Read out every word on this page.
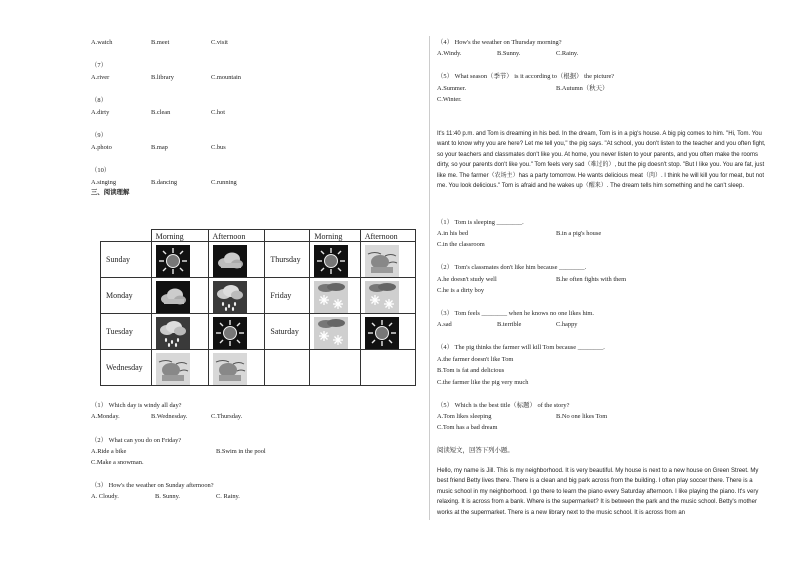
A.watch	B.meet	C.visit
（7）
A.river	B.library	C.mountain
（8）
A.dirty	B.clean	C.hot
（9）
A.photo	B.map	C.bus
（10）
A.singing	B.dancing	C.running
三、阅读理解
	Morning	Afternoon		Morning	Afternoon
Sunday			Thursday	

Monday			Friday	

Tuesday			Saturday	

Wednesday	

（1） Which day is windy all day?
A.Monday.	B.Wednesday.	C.Thursday.
（2） What can you do on Friday?
A.Ride a bike	B.Swim in the pool
C.Make a snowman.
（3） How's the weather on Sunday afternoon?
A. Cloudy.	B. Sunny.	C. Rainy.
（4） How's the weather on Thursday morning?
A.Windy.	B.Sunny.	C.Rainy.
（5） What season（季节） is it according to（根据） the picture?
A.Summer.	B.Autumn（秋天）
C.Winter.
It's 11:40 p.m. and Tom is dreaming in his bed. In the dream, Tom is in a pig's house. A big pig comes to him. "Hi, Tom. You want to know why you are here? Let me tell you," the pig says. "At school, you don't listen to the teacher and you often fight, so your teachers and classmates don't like you. At home, you never listen to your parents, and you often make the rooms dirty, so your parents don't like you." Tom feels very sad（难过的）, but the pig doesn't stop. "But I like you. You are fat, just like me. The farmer（农场主）has a party tomorrow. He wants delicious meat（肉）. I think he will kill you for meat, but not me. You look delicious." Tom is afraid and he wakes up（醒来）. The dream tells him something and he can't sleep.
（1） Tom is sleeping ________.
A.in his bed	B.in a pig's house
C.in the classroom
（2） Tom's classmates don't like him because ________.
A.he doesn't study well	B.he often fights with them
C.he is a dirty boy
（3） Tom feels ________ when he knows no one likes him.
A.sad	B.terrible	C.happy
（4） The pig thinks the farmer will kill Tom because ________.
A.the farmer doesn't like Tom
B.Tom is fat and delicious
C.the farmer like the pig very much
（5） Which is the best title（标题） of the story?
A.Tom likes sleeping	B.No one likes Tom
C.Tom has a bad dream
阅读短文，回答下列小题。
Hello, my name is Jill. This is my neighborhood. It is very beautiful. My house is next to a new house on Green Street. My best friend Betty lives there. There is a clean and big park across from the building. I often play soccer there. There is a music school in my neighborhood. I go there to learn the piano every Saturday afternoon. I like playing the piano. It's very relaxing. It is across from a bank. Where is the supermarket? It is between the park and the music school. Betty's mother works at the supermarket. There is a new library next to the music school. It is across from an
